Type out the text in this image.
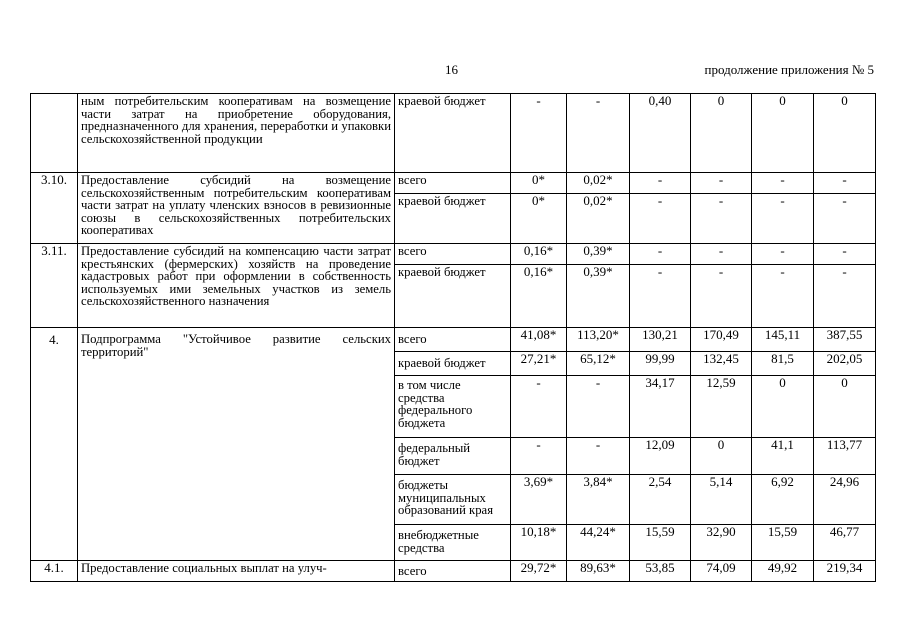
16	продолжение приложения № 5
	ным потребительским кооперативам на возмещение части затрат на приобретение оборудования, предназначенного для хранения, переработки и упаковки сельскохозяйственной продукции	краевой бюджет	-	-	0,40	0	0	0
3.10.	Предоставление субсидий на возмещение сельскохозяйственным потребительским кооперативам части затрат на уплату членских взносов в ревизионные союзы в сельскохозяйственных потребительских кооперативах	всего	0*	0,02*	-	-	-	-
		краевой бюджет	0*	0,02*	-	-	-	-
3.11.	Предоставление субсидий на компенсацию части затрат крестьянских (фермерских) хозяйств на проведение кадастровых работ при оформлении в собственность используемых ими земельных участков из земель сельскохозяйственного назначения	всего	0,16*	0,39*	-	-	-	-
		краевой бюджет	0,16*	0,39*	-	-	-	-
4.	Подпрограмма "Устойчивое развитие сельских территорий"	всего	41,08*	113,20*	130,21	170,49	145,11	387,55
		краевой бюджет	27,21*	65,12*	99,99	132,45	81,5	202,05
		в том числе средства федерального бюджета	-	-	34,17	12,59	0	0
		федеральный бюджет	-	-	12,09	0	41,1	113,77
		бюджеты муниципальных образований края	3,69*	3,84*	2,54	5,14	6,92	24,96
		внебюджетные средства	10,18*	44,24*	15,59	32,90	15,59	46,77
4.1.	Предоставление социальных выплат на улуч-	всего	29,72*	89,63*	53,85	74,09	49,92	219,34
